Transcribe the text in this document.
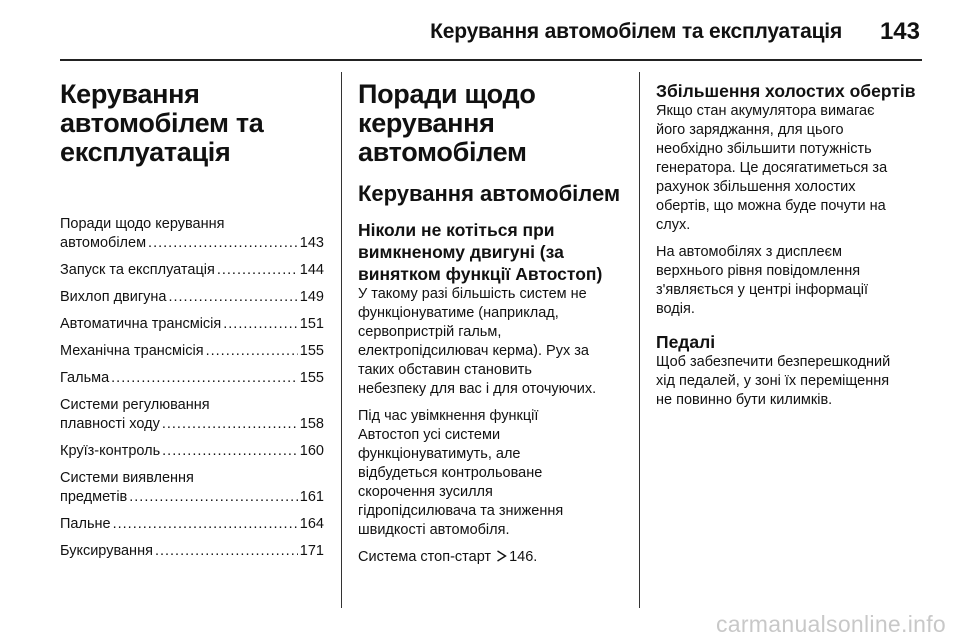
Керування автомобілем та експлуатація 143
Керування
автомобілем та
експлуатація
Поради щодо керування
автомобілем .....	143
Запуск та експлуатація .....	144
Вихлоп двигуна .....	149
Автоматична трансмісія .....	151
Механічна трансмісія .....	155
Гальма .....	155
Системи регулювання
плавності ходу .....	158
Круїз-контроль .....	160
Системи виявлення
предметів .....	161
Пальне .....	164
Буксирування .....	171
Поради щодо
керування
автомобілем
Керування автомобілем
Ніколи не котіться при
вимкненому двигуні (за
винятком функції Автостоп)

У такому разі більшість систем не
функціонуватиме (наприклад,
сервопристрій гальм,
електропідсилювач керма). Рух за
таких обставин становить
небезпеку для вас і для оточуючих.

Під час увімкнення функції
Автостоп усі системи
функціонуватимуть, але
відбудеться контрольоване
скорочення зусилля
гідропідсилювача та зниження
швидкості автомобіля.

Система стоп-старт 146.

Збільшення холостих обертів

Якщо стан акумулятора вимагає
його заряджання, для цього
необхідно збільшити потужність
генератора. Це досягатиметься за
рахунок збільшення холостих
обертів, що можна буде почути на
слух.

На автомобілях з дисплеєм
верхнього рівня повідомлення
з'являється у центрі інформації
водія.

Педалі

Щоб забезпечити безперешкодний
хід педалей, у зоні їх переміщення
не повинно бути килимків.

carmanualsonline.info
